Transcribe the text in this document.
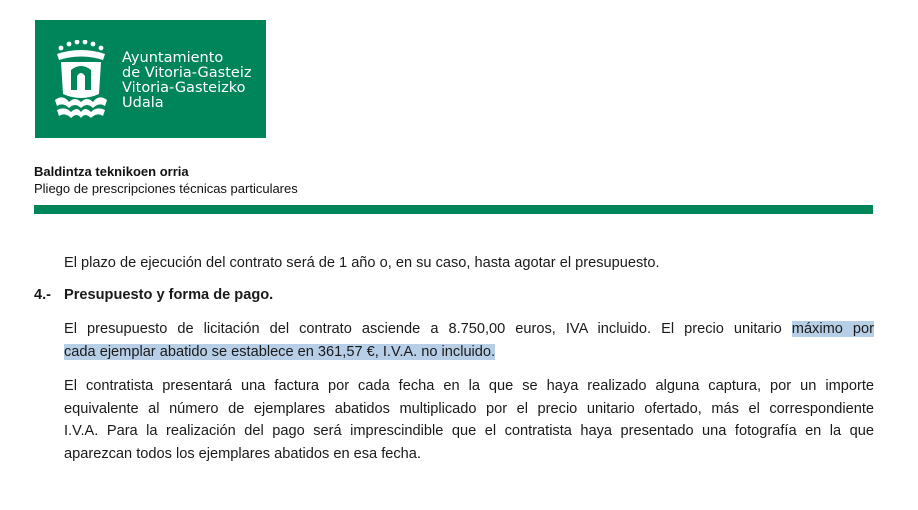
Ayuntamiento
de Vitoria-Gasteiz
Vitoria-Gasteizko
Udala
Baldintza teknikoen orria
Pliego de prescripciones técnicas particulares
El plazo de ejecución del contrato será de 1 año o, en su caso, hasta agotar el presupuesto.
4.- Presupuesto y forma de pago.
El presupuesto de licitación del contrato asciende a 8.750,00 euros, IVA incluido. El precio unitario máximo por
cada ejemplar abatido se establece en 361,57 €, I.V.A. no incluido.
El contratista presentará una factura por cada fecha en la que se haya realizado alguna captura, por un importe
equivalente al número de ejemplares abatidos multiplicado por el precio unitario ofertado, más el correspondiente
I.V.A. Para la realización del pago será imprescindible que el contratista haya presentado una fotografía en la que
aparezcan todos los ejemplares abatidos en esa fecha.
